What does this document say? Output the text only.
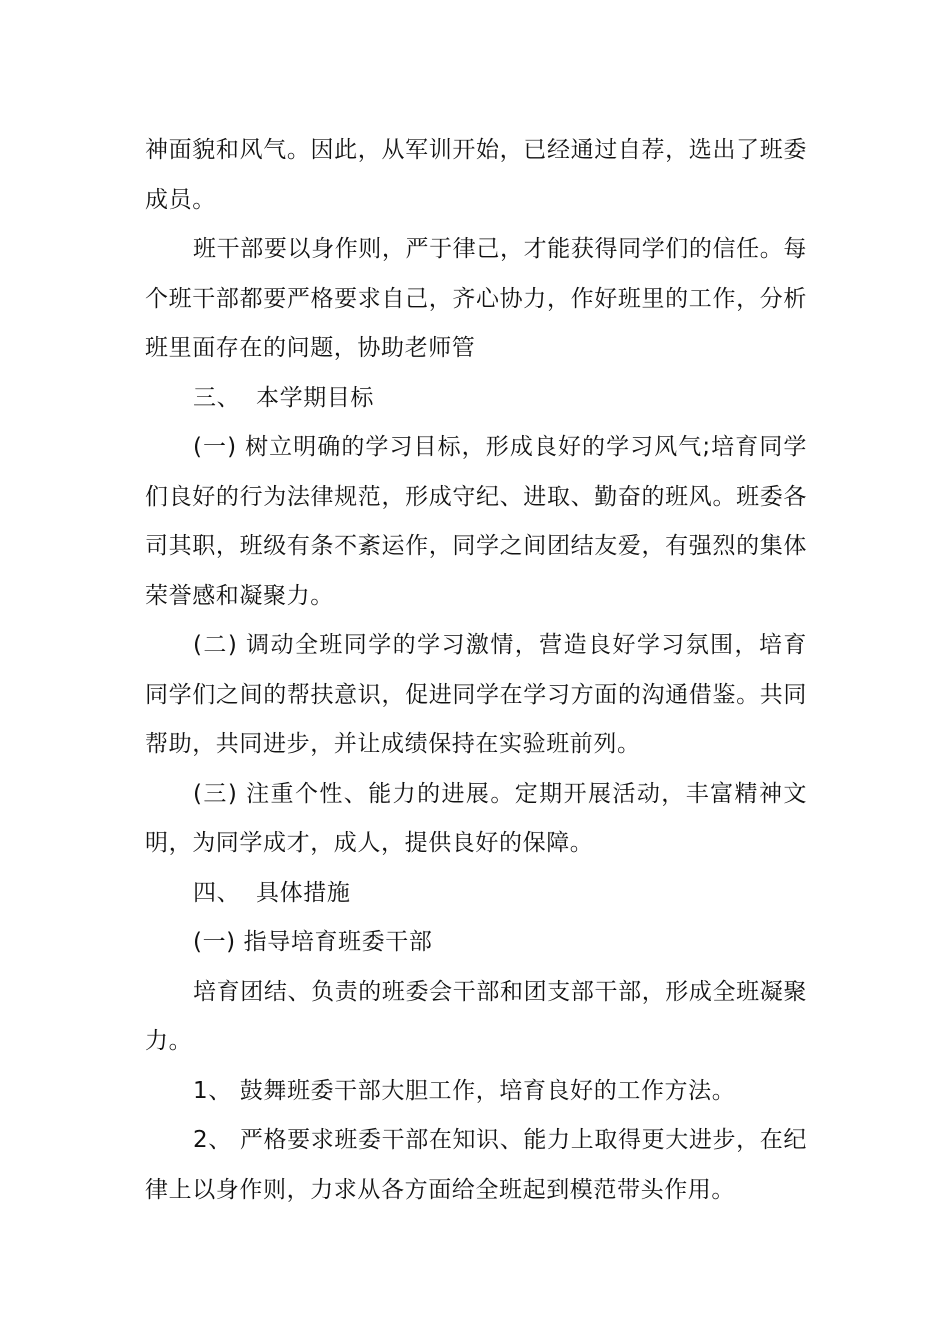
神面貌和风气。因此，从军训开始，已经通过自荐，选出了班委成员。

班干部要以身作则，严于律己，才能获得同学们的信任。每个班干部都要严格要求自己，齐心协力，作好班里的工作，分析班里面存在的问题，协助老师管

三、  本学期目标

(一) 树立明确的学习目标，形成良好的学习风气;培育同学们良好的行为法律规范，形成守纪、进取、勤奋的班风。班委各司其职，班级有条不紊运作，同学之间团结友爱，有强烈的集体荣誉感和凝聚力。

(二) 调动全班同学的学习激情，营造良好学习氛围，培育同学们之间的帮扶意识，促进同学在学习方面的沟通借鉴。共同帮助，共同进步，并让成绩保持在实验班前列。

(三) 注重个性、能力的进展。定期开展活动，丰富精神文明，为同学成才，成人，提供良好的保障。

四、  具体措施

(一) 指导培育班委干部

培育团结、负责的班委会干部和团支部干部，形成全班凝聚力。

1、 鼓舞班委干部大胆工作，培育良好的工作方法。

2、 严格要求班委干部在知识、能力上取得更大进步，在纪律上以身作则，力求从各方面给全班起到模范带头作用。
